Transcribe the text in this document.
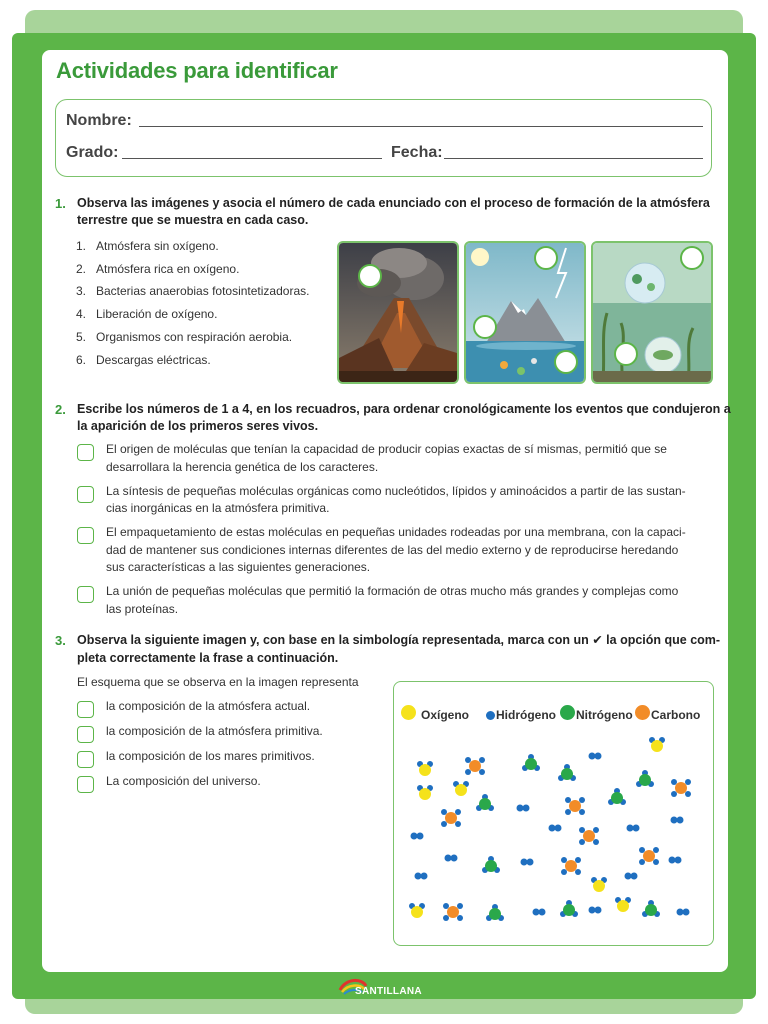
Actividades para identificar
Nombre:
Grado:	Fecha:
1. Observa las imágenes y asocia el número de cada enunciado con el proceso de formación de la atmósfera
terrestre que se muestra en cada caso.
1. Atmósfera sin oxígeno.
2. Atmósfera rica en oxígeno.
3. Bacterias anaerobias fotosintetizadoras.
4. Liberación de oxígeno.
5. Organismos con respiración aerobia.
6. Descargas eléctricas.
2. Escribe los números de 1 a 4, en los recuadros, para ordenar cronológicamente los eventos que condujeron a
la aparición de los primeros seres vivos.
El origen de moléculas que tenían la capacidad de producir copias exactas de sí mismas, permitió que se
desarrollara la herencia genética de los caracteres.
La síntesis de pequeñas moléculas orgánicas como nucleótidos, lípidos y aminoácidos a partir de las sustan-
cias inorgánicas en la atmósfera primitiva.
El empaquetamiento de estas moléculas en pequeñas unidades rodeadas por una membrana, con la capaci-
dad de mantener sus condiciones internas diferentes de las del medio externo y de reproducirse heredando
sus características a las siguientes generaciones.
La unión de pequeñas moléculas que permitió la formación de otras mucho más grandes y complejas como
las proteínas.
3. Observa la siguiente imagen y, con base en la simbología representada, marca con un ✔ la opción que com-
pleta correctamente la frase a continuación.
El esquema que se observa en la imagen representa
la composición de la atmósfera actual.
la composición de la atmósfera primitiva.
la composición de los mares primitivos.
La composición del universo.
Oxígeno Hidrógeno Nitrógeno Carbono
SANTILLANA
